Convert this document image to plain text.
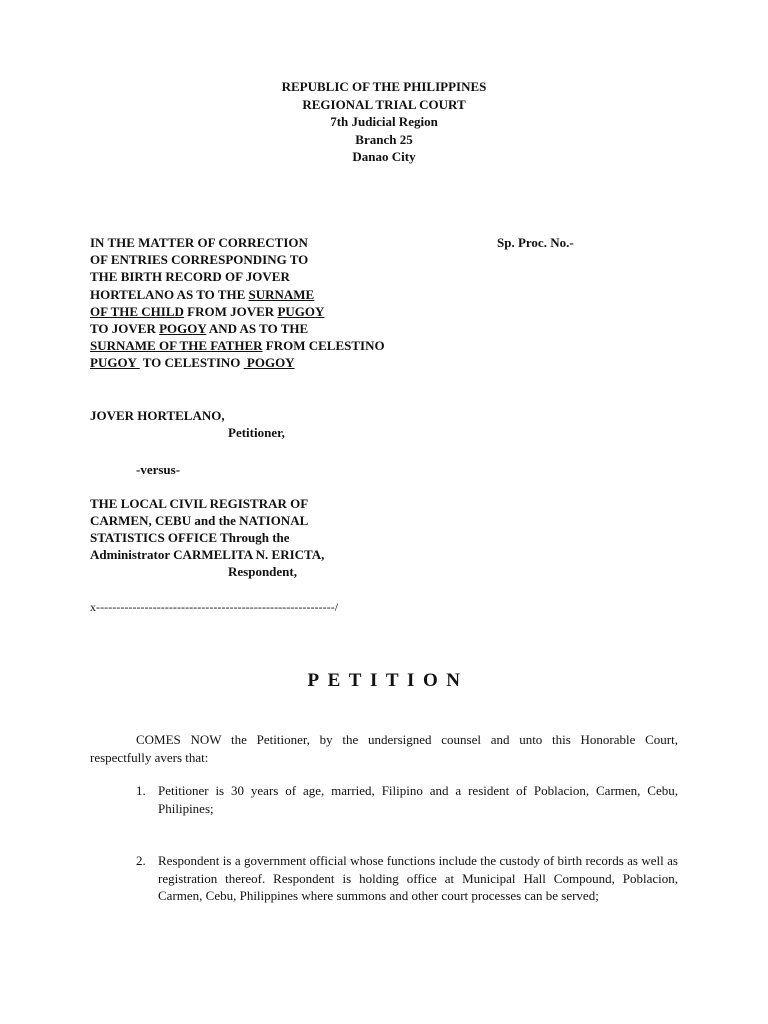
REPUBLIC OF THE PHILIPPINES
REGIONAL TRIAL COURT
7th Judicial Region
Branch 25
Danao City
IN THE MATTER OF CORRECTION
OF ENTRIES CORRESPONDING TO
THE BIRTH RECORD OF JOVER
HORTELANO AS TO THE SURNAME
OF THE CHILD FROM JOVER PUGOY
TO JOVER POGOY AND AS TO THE
SURNAME OF THE FATHER FROM CELESTINO
PUGOY  TO CELESTINO  POGOY
Sp. Proc. No.-
JOVER HORTELANO,
Petitioner,
-versus-
THE LOCAL CIVIL REGISTRAR OF
CARMEN, CEBU and the NATIONAL
STATISTICS OFFICE Through the
Administrator CARMELITA N. ERICTA,
Respondent,
x-----------------------------------------------------------/
PETITION
COMES NOW the Petitioner, by the undersigned counsel and unto this Honorable Court,
respectfully avers that:
1. Petitioner is 30 years of age, married, Filipino and a resident of Poblacion, Carmen, Cebu, Philipines;
2. Respondent is a government official whose functions include the custody of birth records as well as registration thereof. Respondent is holding office at Municipal Hall Compound, Poblacion, Carmen, Cebu, Philippines where summons and other court processes can be served;
